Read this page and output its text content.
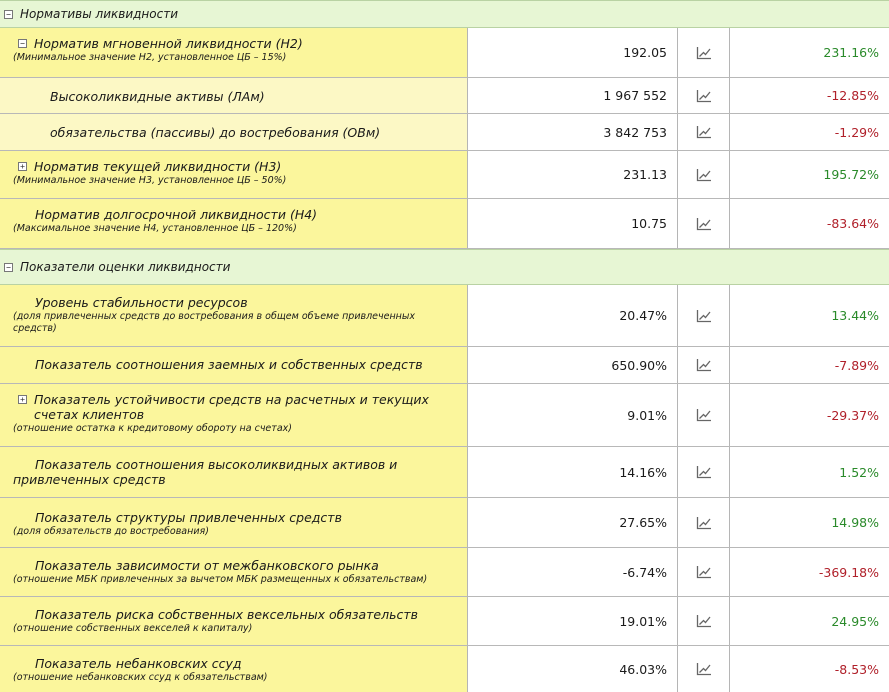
− Нормативы ликвидности
− Норматив мгновенной ликвидности (Н2)
(Минимальное значение Н2, установленное ЦБ – 15%)	192.05	231.16%
Высоколиквидные активы (ЛАм)	1 967 552	-12.85%
обязательства (пассивы) до востребования (ОВм)	3 842 753	-1.29%
+ Норматив текущей ликвидности (Н3)
(Минимальное значение Н3, установленное ЦБ – 50%)	231.13	195.72%
Норматив долгосрочной ликвидности (Н4)
(Максимальное значение Н4, установленное ЦБ – 120%)	10.75	-83.64%
− Показатели оценки ликвидности
Уровень стабильности ресурсов
(доля привлеченных средств до востребования в общем объеме привлеченных средств)
20.47%	13.44%
Показатель соотношения заемных и собственных средств	650.90%	-7.89%
+ Показатель устойчивости средств на расчетных и текущих счетах клиентов
(отношение остатка к кредитовому обороту на счетах)
9.01%	-29.37%
Показатель соотношения высоколиквидных активов и привлеченных средств	14.16%	1.52%
Показатель структуры привлеченных средств
(доля обязательств до востребования)
27.65%	14.98%
Показатель зависимости от межбанковского рынка
(отношение МБК привлеченных за вычетом МБК размещенных к обязательствам)	-6.74%	-369.18%
Показатель риска собственных вексельных обязательств
(отношение собственных векселей к капиталу)	19.01%	24.95%
Показатель небанковских ссуд
(отношение небанковских ссуд к обязательствам)
46.03%	-8.53%
